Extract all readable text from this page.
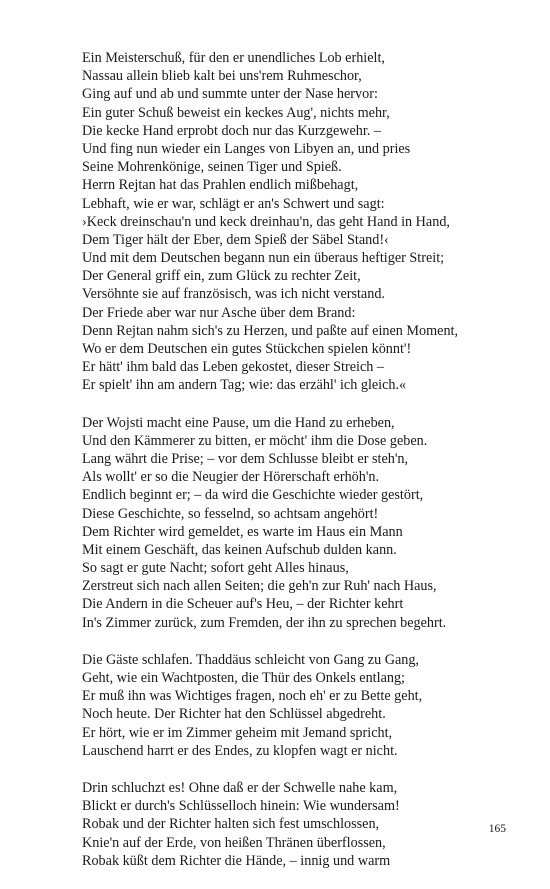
Ein Meisterschuß, für den er unendliches Lob erhielt,
Nassau allein blieb kalt bei uns'rem Ruhmeschor,
Ging auf und ab und summte unter der Nase hervor:
Ein guter Schuß beweist ein keckes Aug', nichts mehr,
Die kecke Hand erprobt doch nur das Kurzgewehr. –
Und fing nun wieder ein Langes von Libyen an, und pries
Seine Mohrenkönige, seinen Tiger und Spieß.
Herrn Rejtan hat das Prahlen endlich mißbehagt,
Lebhaft, wie er war, schlägt er an's Schwert und sagt:
›Keck dreinschau'n und keck dreinhau'n, das geht Hand in Hand,
Dem Tiger hält der Eber, dem Spieß der Säbel Stand!‹
Und mit dem Deutschen begann nun ein überaus heftiger Streit;
Der General griff ein, zum Glück zu rechter Zeit,
Versöhnte sie auf französisch, was ich nicht verstand.
Der Friede aber war nur Asche über dem Brand:
Denn Rejtan nahm sich's zu Herzen, und paßte auf einen Moment,
Wo er dem Deutschen ein gutes Stückchen spielen könnt'!
Er hätt' ihm bald das Leben gekostet, dieser Streich –
Er spielt' ihn am andern Tag; wie: das erzähl' ich gleich.«
Der Wojsti macht eine Pause, um die Hand zu erheben,
Und den Kämmerer zu bitten, er möcht' ihm die Dose geben.
Lang währt die Prise; – vor dem Schlusse bleibt er steh'n,
Als wollt' er so die Neugier der Hörerschaft erhöh'n.
Endlich beginnt er; – da wird die Geschichte wieder gestört,
Diese Geschichte, so fesselnd, so achtsam angehört!
Dem Richter wird gemeldet, es warte im Haus ein Mann
Mit einem Geschäft, das keinen Aufschub dulden kann.
So sagt er gute Nacht; sofort geht Alles hinaus,
Zerstreut sich nach allen Seiten; die geh'n zur Ruh' nach Haus,
Die Andern in die Scheuer auf's Heu, – der Richter kehrt
In's Zimmer zurück, zum Fremden, der ihn zu sprechen begehrt.
Die Gäste schlafen. Thaddäus schleicht von Gang zu Gang,
Geht, wie ein Wachtposten, die Thür des Onkels entlang;
Er muß ihn was Wichtiges fragen, noch eh' er zu Bette geht,
Noch heute. Der Richter hat den Schlüssel abgedreht.
Er hört, wie er im Zimmer geheim mit Jemand spricht,
Lauschend harrt er des Endes, zu klopfen wagt er nicht.
Drin schluchzt es! Ohne daß er der Schwelle nahe kam,
Blickt er durch's Schlüsselloch hinein: Wie wundersam!
Robak und der Richter halten sich fest umschlossen,
Knie'n auf der Erde, von heißen Thränen überflossen,
Robak küßt dem Richter die Hände, – innig und warm
165
